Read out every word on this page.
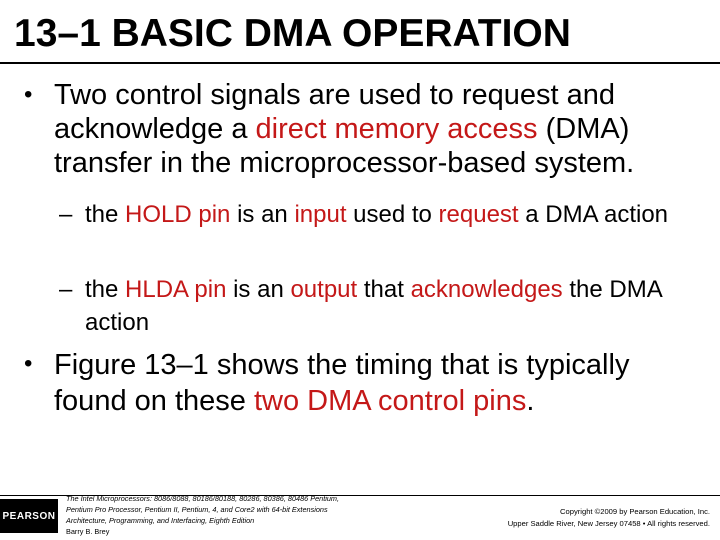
13–1 BASIC DMA OPERATION
• Two control signals are used to request and acknowledge a direct memory access (DMA) transfer in the microprocessor-based system.
– the HOLD pin is an input used to request a DMA action
– the HLDA pin is an output that acknowledges the DMA action
• Figure 13–1 shows the timing that is typically found on these two DMA control pins.
PEARSON
The Intel Microprocessors: 8086/8088, 80186/80188, 80286, 80386, 80486 Pentium,
Pentium Pro Processor, Pentium II, Pentium, 4, and Core2 with 64-bit Extensions
Architecture, Programming, and Interfacing, Eighth Edition
Barry B. Brey
Copyright ©2009 by Pearson Education, Inc.
Upper Saddle River, New Jersey 07458 • All rights reserved.
